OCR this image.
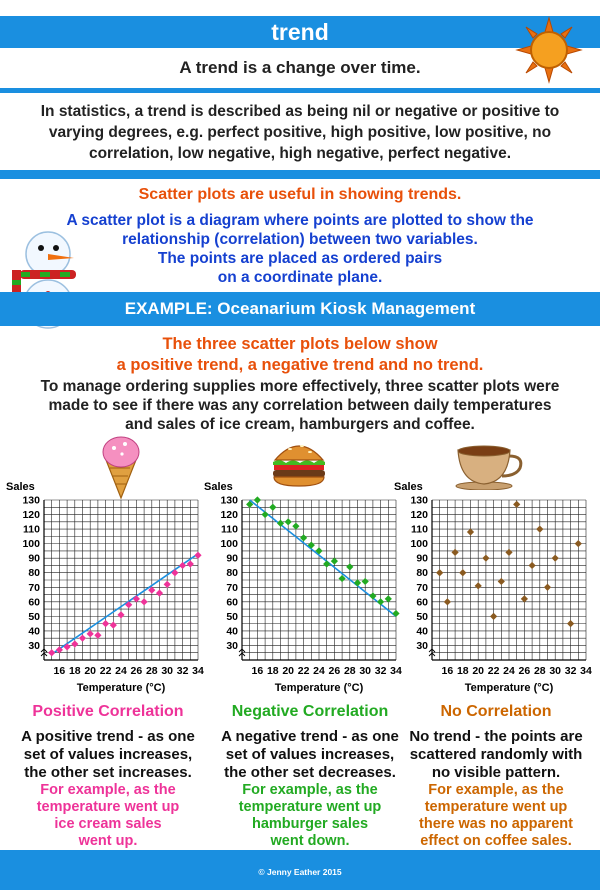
trend
A trend is a change over time.
In statistics, a trend is described as being nil or negative or positive to varying degrees, e.g. perfect positive, high positive, low positive, no correlation, low negative, high negative, perfect negative.
Scatter plots are useful in showing trends.
A scatter plot is a diagram where points are plotted to show the
relationship (correlation) between two variables.
The points are placed as ordered pairs
on a coordinate plane.
EXAMPLE: Oceanarium Kiosk Management
The three scatter plots below show
a positive trend, a negative trend and no trend.
To manage ordering supplies more effectively, three scatter plots were
made to see if there was any correlation between daily temperatures
and sales of ice cream, hamburgers and coffee.
30
40
50
60
70
80
90
100
110
120
130
16 18 20 22 24 26 28 30 32 34
Sales
Temperature (°C)
30
40
50
60
70
80
90
100
110
120
130
16 18 20 22 24 26 28 30 32 34
Sales
Temperature (°C)
30
40
50
60
70
80
90
100
110
120
130
16 18 20 22 24 26 28 30 32 34
Sales
Temperature (°C)
Positive Correlation	Negative Correlation	No Correlation
A positive trend - as one
set of values increases,
the other set increases.
A negative trend - as one
set of values increases,
the other set decreases.
No trend - the points are
scattered randomly with
no visible pattern.
For example, as the
temperature went up
ice cream sales
went up.
For example, as the
temperature went up
hamburger sales
went down.
For example, as the
temperature went up
there was no apparent
effect on coffee sales.
© Jenny Eather 2015
